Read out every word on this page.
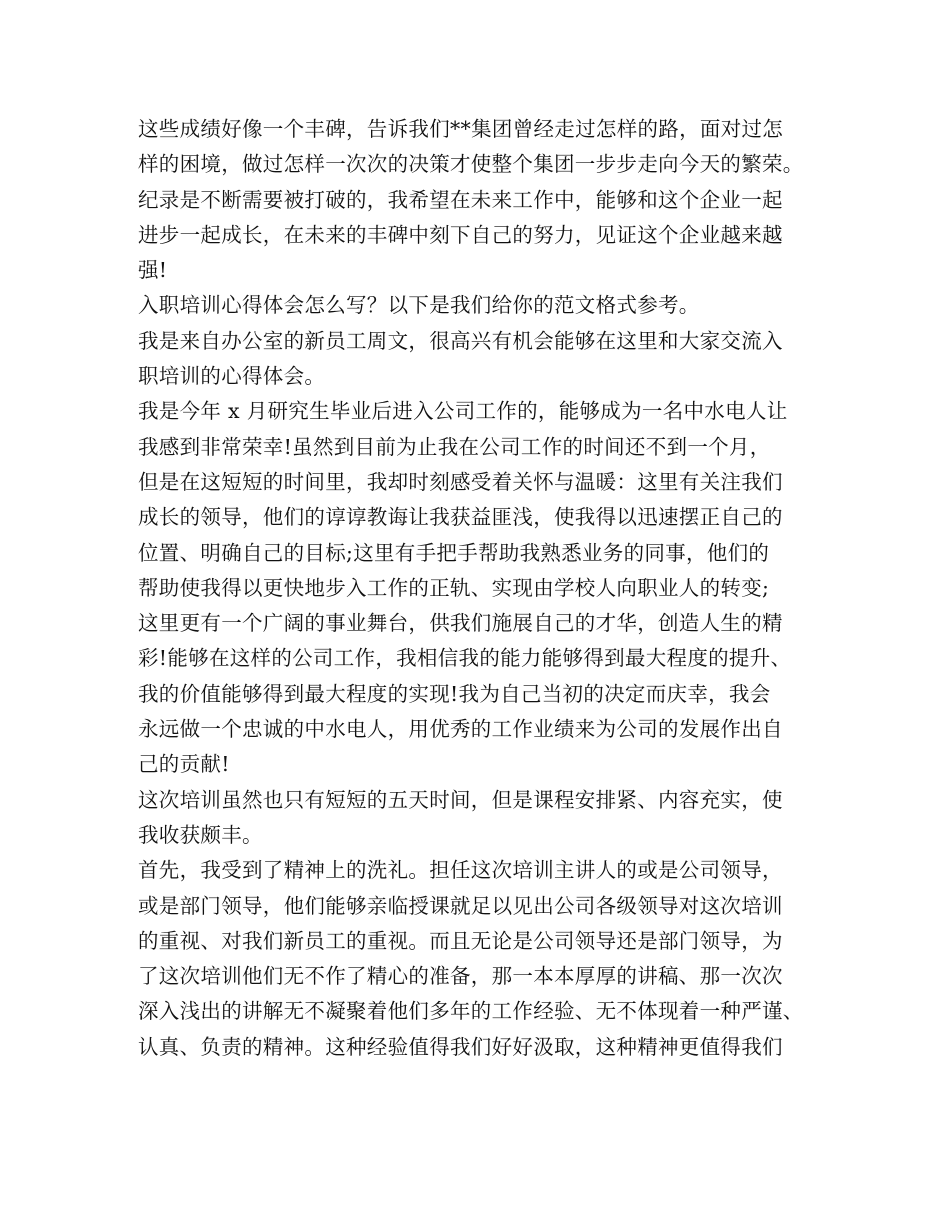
这些成绩好像一个丰碑，告诉我们**集团曾经走过怎样的路，面对过怎
样的困境，做过怎样一次次的决策才使整个集团一步步走向今天的繁荣。
纪录是不断需要被打破的，我希望在未来工作中，能够和这个企业一起
进步一起成长，在未来的丰碑中刻下自己的努力，见证这个企业越来越
强!
入职培训心得体会怎么写？以下是我们给你的范文格式参考。
我是来自办公室的新员工周文，很高兴有机会能够在这里和大家交流入
职培训的心得体会。
我是今年 x 月研究生毕业后进入公司工作的，能够成为一名中水电人让
我感到非常荣幸!虽然到目前为止我在公司工作的时间还不到一个月，
但是在这短短的时间里，我却时刻感受着关怀与温暖：这里有关注我们
成长的领导，他们的谆谆教诲让我获益匪浅，使我得以迅速摆正自己的
位置、明确自己的目标;这里有手把手帮助我熟悉业务的同事，他们的
帮助使我得以更快地步入工作的正轨、实现由学校人向职业人的转变;
这里更有一个广阔的事业舞台，供我们施展自己的才华，创造人生的精
彩!能够在这样的公司工作，我相信我的能力能够得到最大程度的提升、
我的价值能够得到最大程度的实现!我为自己当初的决定而庆幸，我会
永远做一个忠诚的中水电人，用优秀的工作业绩来为公司的发展作出自
己的贡献!
这次培训虽然也只有短短的五天时间，但是课程安排紧、内容充实，使
我收获颇丰。
首先，我受到了精神上的洗礼。担任这次培训主讲人的或是公司领导，
或是部门领导，他们能够亲临授课就足以见出公司各级领导对这次培训
的重视、对我们新员工的重视。而且无论是公司领导还是部门领导，为
了这次培训他们无不作了精心的准备，那一本本厚厚的讲稿、那一次次
深入浅出的讲解无不凝聚着他们多年的工作经验、无不体现着一种严谨、
认真、负责的精神。这种经验值得我们好好汲取，这种精神更值得我们
